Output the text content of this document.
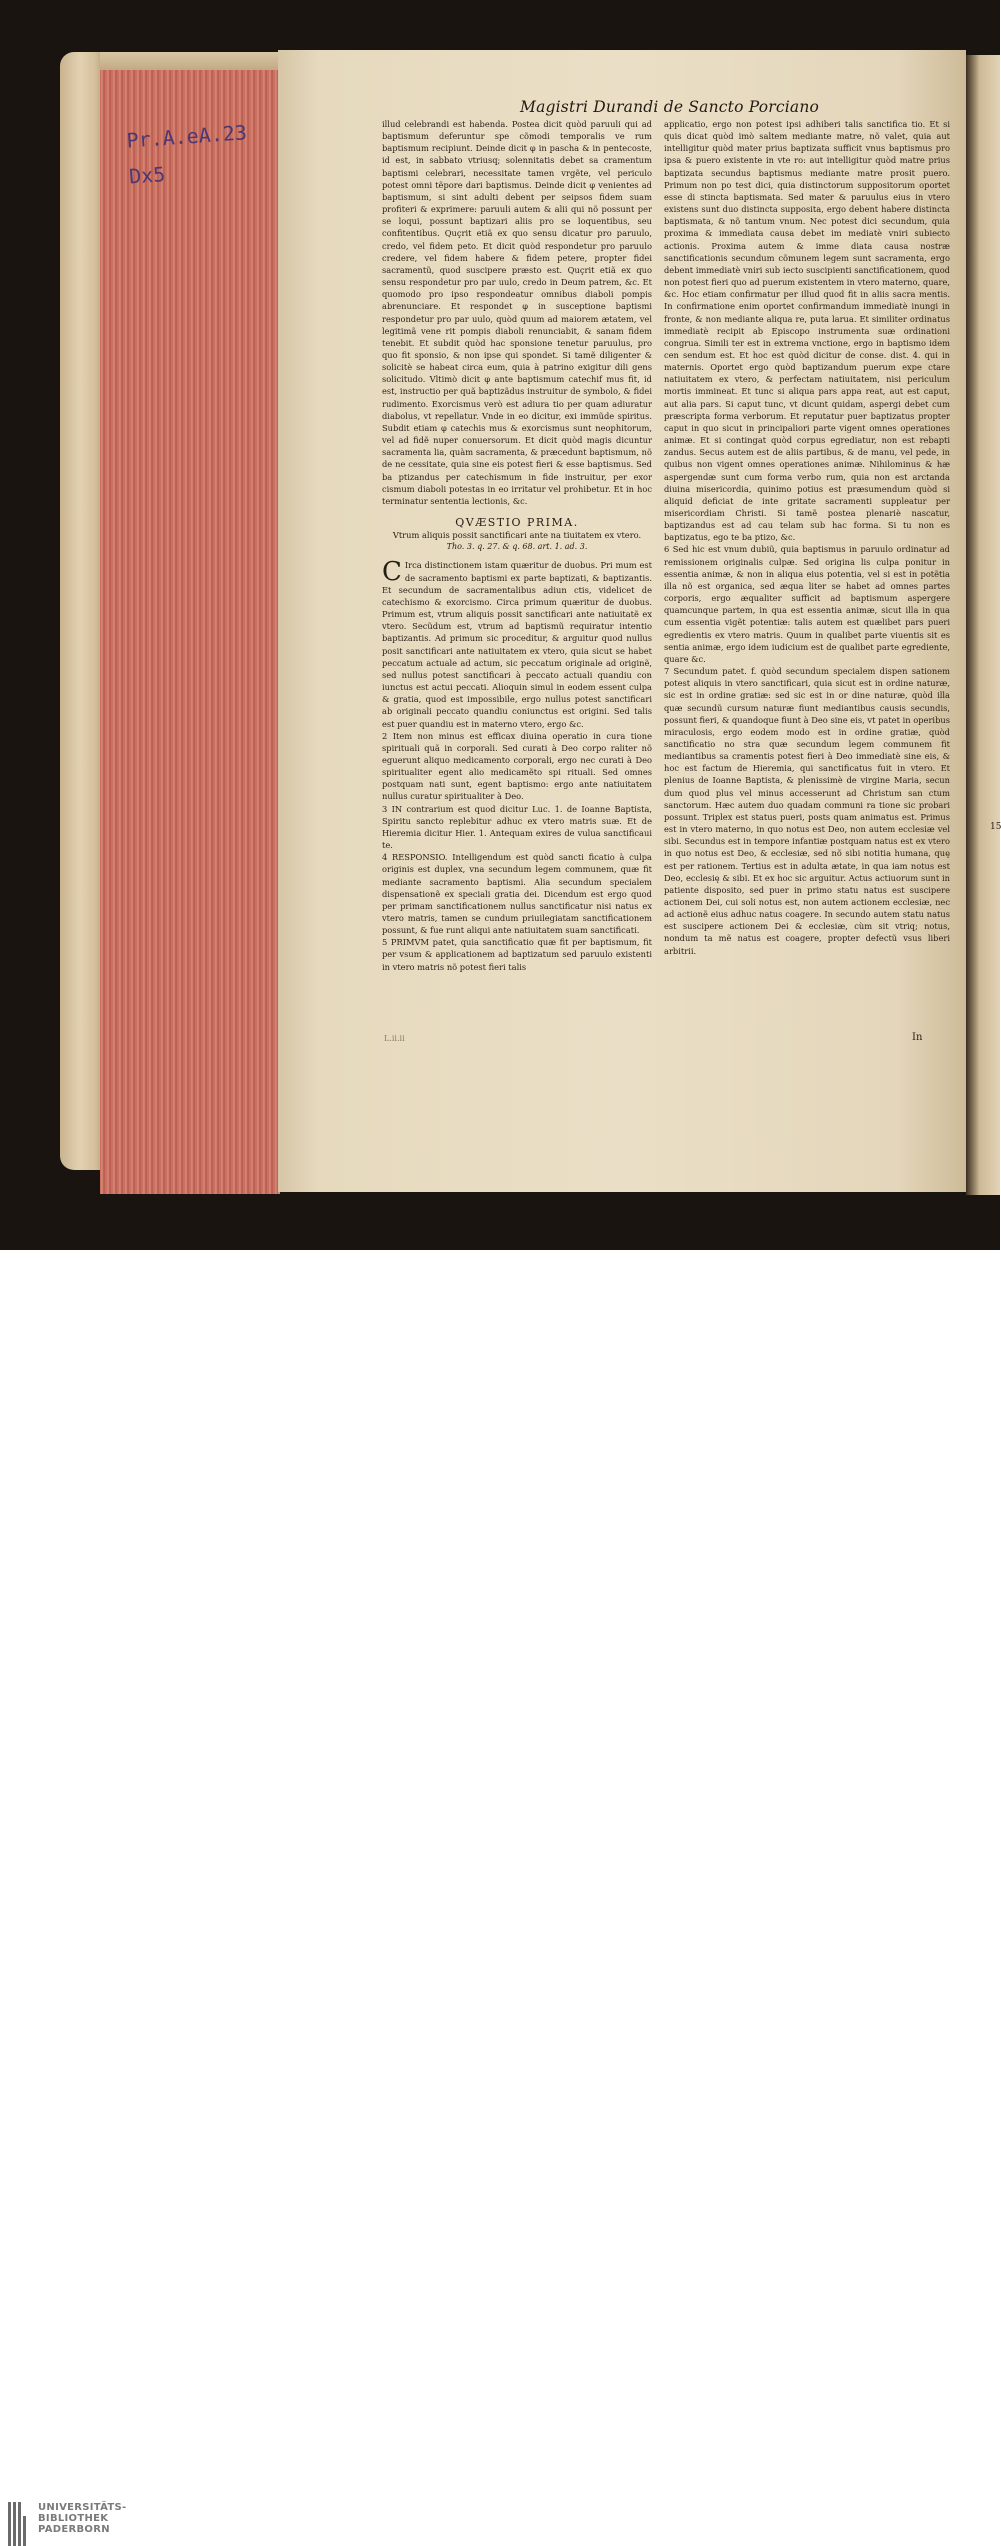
Pr.A.eA.23
Dx5
Magistri Durandi de Sancto Porciano

illud celebrandi est habenda. Postea dicit quòd paruuli qui ad baptismum deferuntur spe cõmodi temporalis ve rum baptismum recipiunt. Deinde dicit φ in pascha & in pentecoste, id est, in sabbato vtriusq; solennitatis debet sa cramentum baptismi celebrari, necessitate tamen vrgẽte, vel periculo potest omni tẽpore dari baptismus. Deinde dicit φ venientes ad baptismum, si sint adulti debent per seipsos fidem suam profiteri & exprimere: paruuli autem & alii qui nõ possunt per se loqui, possunt baptizari aliis pro se loquentibus, seu confitentibus. Quçrit etiã ex quo sensu dicatur pro paruulo, credo, vel fidem peto. Et dicit quòd respondetur pro paruulo credere, vel fidem habere & fidem petere, propter fidei sacramentũ, quod suscipere præsto est. Quçrit etiã ex quo sensu respondetur pro par uulo, credo in Deum patrem, &c. Et quomodo pro ipso respondeatur omnibus diaboli pompis abrenunciare. Et respondet φ in susceptione baptismi respondetur pro par uulo, quòd quum ad maiorem ætatem, vel legitimã vene rit pompis diaboli renunciabit, & sanam fidem tenebit. Et subdit quòd hac sponsione tenetur paruulus, pro quo fit sponsio, & non ipse qui spondet. Si tamẽ diligenter & solicitè se habeat circa eum, quia à patrino exigitur dili gens solicitudo. Vltimò dicit φ ante baptismum catechif mus fit, id est, instructio per quã baptizãdus instruitur de symbolo, & fidei rudimento. Exorcismus verò est adiura tio per quam adiuratur diabolus, vt repellatur. Vnde in eo dicitur, exi immũde spiritus. Subdit etiam φ catechis mus & exorcismus sunt neophitorum, vel ad fidẽ nuper conuersorum. Et dicit quòd magis dicuntur sacramenta lia, quàm sacramenta, & præcedunt baptismum, nõ de ne cessitate, quia sine eis potest fieri & esse baptismus. Sed ba ptizandus per catechismum in fide instruitur, per exor cismum diaboli potestas in eo irritatur vel prohibetur. Et in hoc terminatur sententia lectionis, &c.

QVÆSTIO PRIMA.
Vtrum aliquis possit sanctificari ante na tiuitatem ex vtero.
Tho. 3. q. 27. & q. 68. art. 1. ad. 3.

C Irca distinctionem istam quæritur de duobus. Pri mum est de sacramento baptismi ex parte baptizati, & baptizantis. Et secundum de sacramentalibus adiun ctis, videlicet de catechismo & exorcismo. Circa primum quæritur de duobus. Primum est, vtrum aliquis possit sanctificari ante natiuitatẽ ex vtero. Secũdum est, vtrum ad baptismũ requiratur intentio baptizantis. Ad primum sic proceditur, & arguitur quod nullus posit sanctificari ante natiuitatem ex vtero, quia sicut se habet peccatum actuale ad actum, sic peccatum originale ad originẽ, sed nullus potest sanctificari à peccato actuali quandiu con iunctus est actui peccati. Alioquin simul in eodem essent culpa & gratia, quod est impossibile, ergo nullus potest sanctificari ab originali peccato quandiu coniunctus est origini. Sed talis est puer quandiu est in materno vtero, ergo &c.

2 Item non minus est efficax diuina operatio in cura tione spirituali quã in corporali. Sed curati à Deo corpo raliter nõ eguerunt aliquo medicamento corporali, ergo nec curati à Deo spiritualiter egent alio medicamẽto spi rituali. Sed omnes postquam nati sunt, egent baptismo: ergo ante natiuitatem nullus curatur spiritualiter à Deo.

3 IN contrarium est quod dicitur Luc. 1. de Ioanne Baptista, Spiritu sancto replebitur adhuc ex vtero matris suæ. Et de Hieremia dicitur Hier. 1. Antequam exires de vulua sanctificaui te.

4 RESPONSIO. Intelligendum est quòd sancti ficatio à culpa originis est duplex, vna secundum legem communem, quæ fit mediante sacramento baptismi. Alia secundum specialem dispensationẽ ex speciali gratia dei. Dicendum est ergo quod per primam sanctificationem nullus sanctificatur nisi natus ex vtero matris, tamen se cundum priuilegiatam sanctificationem possunt, & fue runt aliqui ante natiuitatem suam sanctificati.

5 PRIMVM patet, quia sanctificatio quæ fit per baptismum, fit per vsum & applicationem ad baptizatum sed paruulo existenti in vtero matris nõ potest fieri talis

applicatio, ergo non potest ipsi adhiberi talis sanctifica tio. Et si quis dicat quòd imò saltem mediante matre, nõ valet, quia aut intelligitur quòd mater prius baptizata sufficit vnus baptismus pro ipsa & puero existente in vte ro: aut intelligitur quòd matre prius baptizata secundus baptismus mediante matre prosit puero. Primum non po test dici, quia distinctorum suppositorum oportet esse di stincta baptismata. Sed mater & paruulus eius in vtero existens sunt duo distincta supposita, ergo debent habere distincta baptismata, & nõ tantum vnum. Nec potest dici secundum, quia proxima & immediata causa debet im mediatè vniri subiecto actionis. Proxima autem & imme diata causa nostræ sanctificationis secundum cõmunem legem sunt sacramenta, ergo debent immediatè vniri sub iecto suscipienti sanctificationem, quod non potest fieri quo ad puerum existentem in vtero materno, quare, &c. Hoc etiam confirmatur per illud quod fit in aliis sacra mentis. In confirmatione enim oportet confirmandum immediatè inungi in fronte, & non mediante aliqua re, puta larua. Et similiter ordinatus immediatè recipit ab Episcopo instrumenta suæ ordinationi congrua. Simili ter est in extrema vnctione, ergo in baptismo idem cen sendum est. Et hoc est quòd dicitur de conse. dist. 4. qui in maternis. Oportet ergo quòd baptizandum puerum expe ctare natiuitatem ex vtero, & perfectam natiuitatem, nisi periculum mortis immineat. Et tunc si aliqua pars appa reat, aut est caput, aut alia pars. Si caput tunc, vt dicunt quidam, aspergi debet cum præscripta forma verborum. Et reputatur puer baptizatus propter caput in quo sicut in principaliori parte vigent omnes operationes animæ. Et si contingat quòd corpus egrediatur, non est rebapti zandus. Secus autem est de aliis partibus, & de manu, vel pede, in quibus non vigent omnes operationes animæ. Nihilominus & hæ aspergendæ sunt cum forma verbo rum, quia non est arctanda diuina misericordia, quinimo potius est præsumendum quòd si aliquid deficiat de inte gritate sacramenti suppleatur per misericordiam Christi. Si tamẽ postea plenariè nascatur, baptizandus est ad cau telam sub hac forma. Si tu non es baptizatus, ego te ba ptizo, &c.

6 Sed hic est vnum dubiũ, quia baptismus in paruulo ordinatur ad remissionem originalis culpæ. Sed origina lis culpa ponitur in essentia animæ, & non in aliqua eius potentia, vel si est in potẽtia illa nõ est organica, sed æqua liter se habet ad omnes partes corporis, ergo æqualiter sufficit ad baptismum aspergere quamcunque partem, in qua est essentia animæ, sicut illa in qua cum essentia vigẽt potentiæ: talis autem est quælibet pars pueri egredientis ex vtero matris. Quum in qualibet parte viuentis sit es sentia animæ, ergo idem iudicium est de qualibet parte egrediente, quare &c.

7 Secundum patet. f. quòd secundum specialem dispen sationem potest aliquis in vtero sanctificari, quia sicut est in ordine naturæ, sic est in ordine gratiæ: sed sic est in or dine naturæ, quòd illa quæ secundũ cursum naturæ fiunt mediantibus causis secundis, possunt fieri, & quandoque fiunt à Deo sine eis, vt patet in operibus miraculosis, ergo eodem modo est in ordine gratiæ, quòd sanctificatio no stra quæ secundum legem communem fit mediantibus sa cramentis potest fieri à Deo immediatè sine eis, & hoc est factum de Hieremia, qui sanctificatus fuit in vtero. Et plenius de Ioanne Baptista, & plenissimè de virgine Maria, secun dum quod plus vel minus accesserunt ad Christum san ctum sanctorum. Hæc autem duo quadam communi ra tione sic probari possunt. Triplex est status pueri, posts quam animatus est. Primus est in vtero materno, in quo notus est Deo, non autem ecclesiæ vel sibi. Secundus est in tempore infantiæ postquam natus est ex vtero in quo notus est Deo, & ecclesiæ, sed nõ sibi notitia humana, quę est per rationem. Tertius est in adulta ætate, in qua iam notus est Deo, ecclesię & sibi. Et ex hoc sic arguitur. Actus actiuorum sunt in patiente disposito, sed puer in primo statu natus est suscipere actionem Dei, cui soli notus est, non autem actionem ecclesiæ, nec ad actionẽ eius adhuc natus coagere. In secundo autem statu natus est suscipere actionem Dei & ecclesiæ, cùm sit vtriq; notus, nondum ta mẽ natus est coagere, propter defectũ vsus liberi arbitrii.

L.ii.ii	In
15
UNIVERSITÄTS-
BIBLIOTHEK
PADERBORN
